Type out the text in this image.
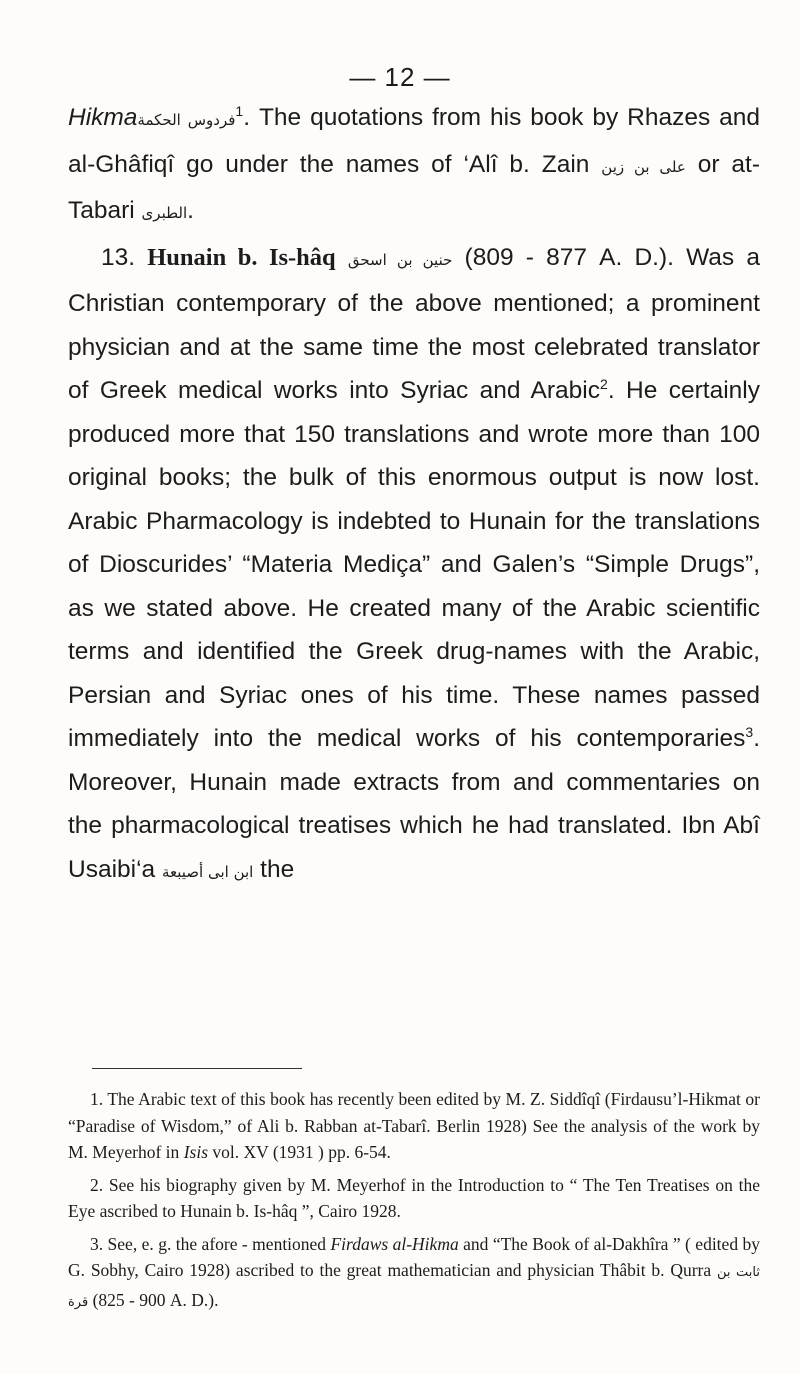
— 12 —

Hikmaفردوس الحكمة$^1$. The quotations from his book by Rhazes and al-Ghâfiqî go under the names of ‘Alî b. Zain على بن زين or at-Tabari الطبرى.

13. Hunain b. Is-hâq حنين بن اسحق (809 - 877 A. D.). Was a Christian contemporary of the above mentioned; a prominent physician and at the same time the most celebrated translator of Greek medical works into Syriac and Arabic$^2$. He certainly produced more that 150 translations and wrote more than 100 original books; the bulk of this enormous output is now lost. Arabic Pharmacology is indebted to Hunain for the translations of Dioscurides’ “Materia Mediça” and Galen’s “Simple Drugs”, as we stated above. He created many of the Arabic scientific terms and identified the Greek drug-names with the Arabic, Persian and Syriac ones of his time. These names passed immediately into the medical works of his contemporaries$^3$. Moreover, Hunain made extracts from and commentaries on the pharmacological treatises which he had translated. Ibn Abî Usaibi‘a ابن ابى أصيبعة the

1. The Arabic text of this book has recently been edited by M. Z. Siddîqî (Firdausu’l-Hikmat or “Paradise of Wisdom,” of Ali b. Rabban at-Tabarî. Berlin 1928) See the analysis of the work by M. Meyerhof in Isis vol. XV (1931 ) pp. 6-54.

2. See his biography given by M. Meyerhof in the Introduction to “ The Ten Treatises on the Eye ascribed to Hunain b. Is-hâq ”, Cairo 1928.

3. See, e. g. the afore - mentioned Firdaws al-Hikma and “The Book of al-Dakhîra ” ( edited by G. Sobhy, Cairo 1928) ascribed to the great mathematician and physician Thâbit b. Qurra ثابت بن قرة (825 - 900 A. D.).
